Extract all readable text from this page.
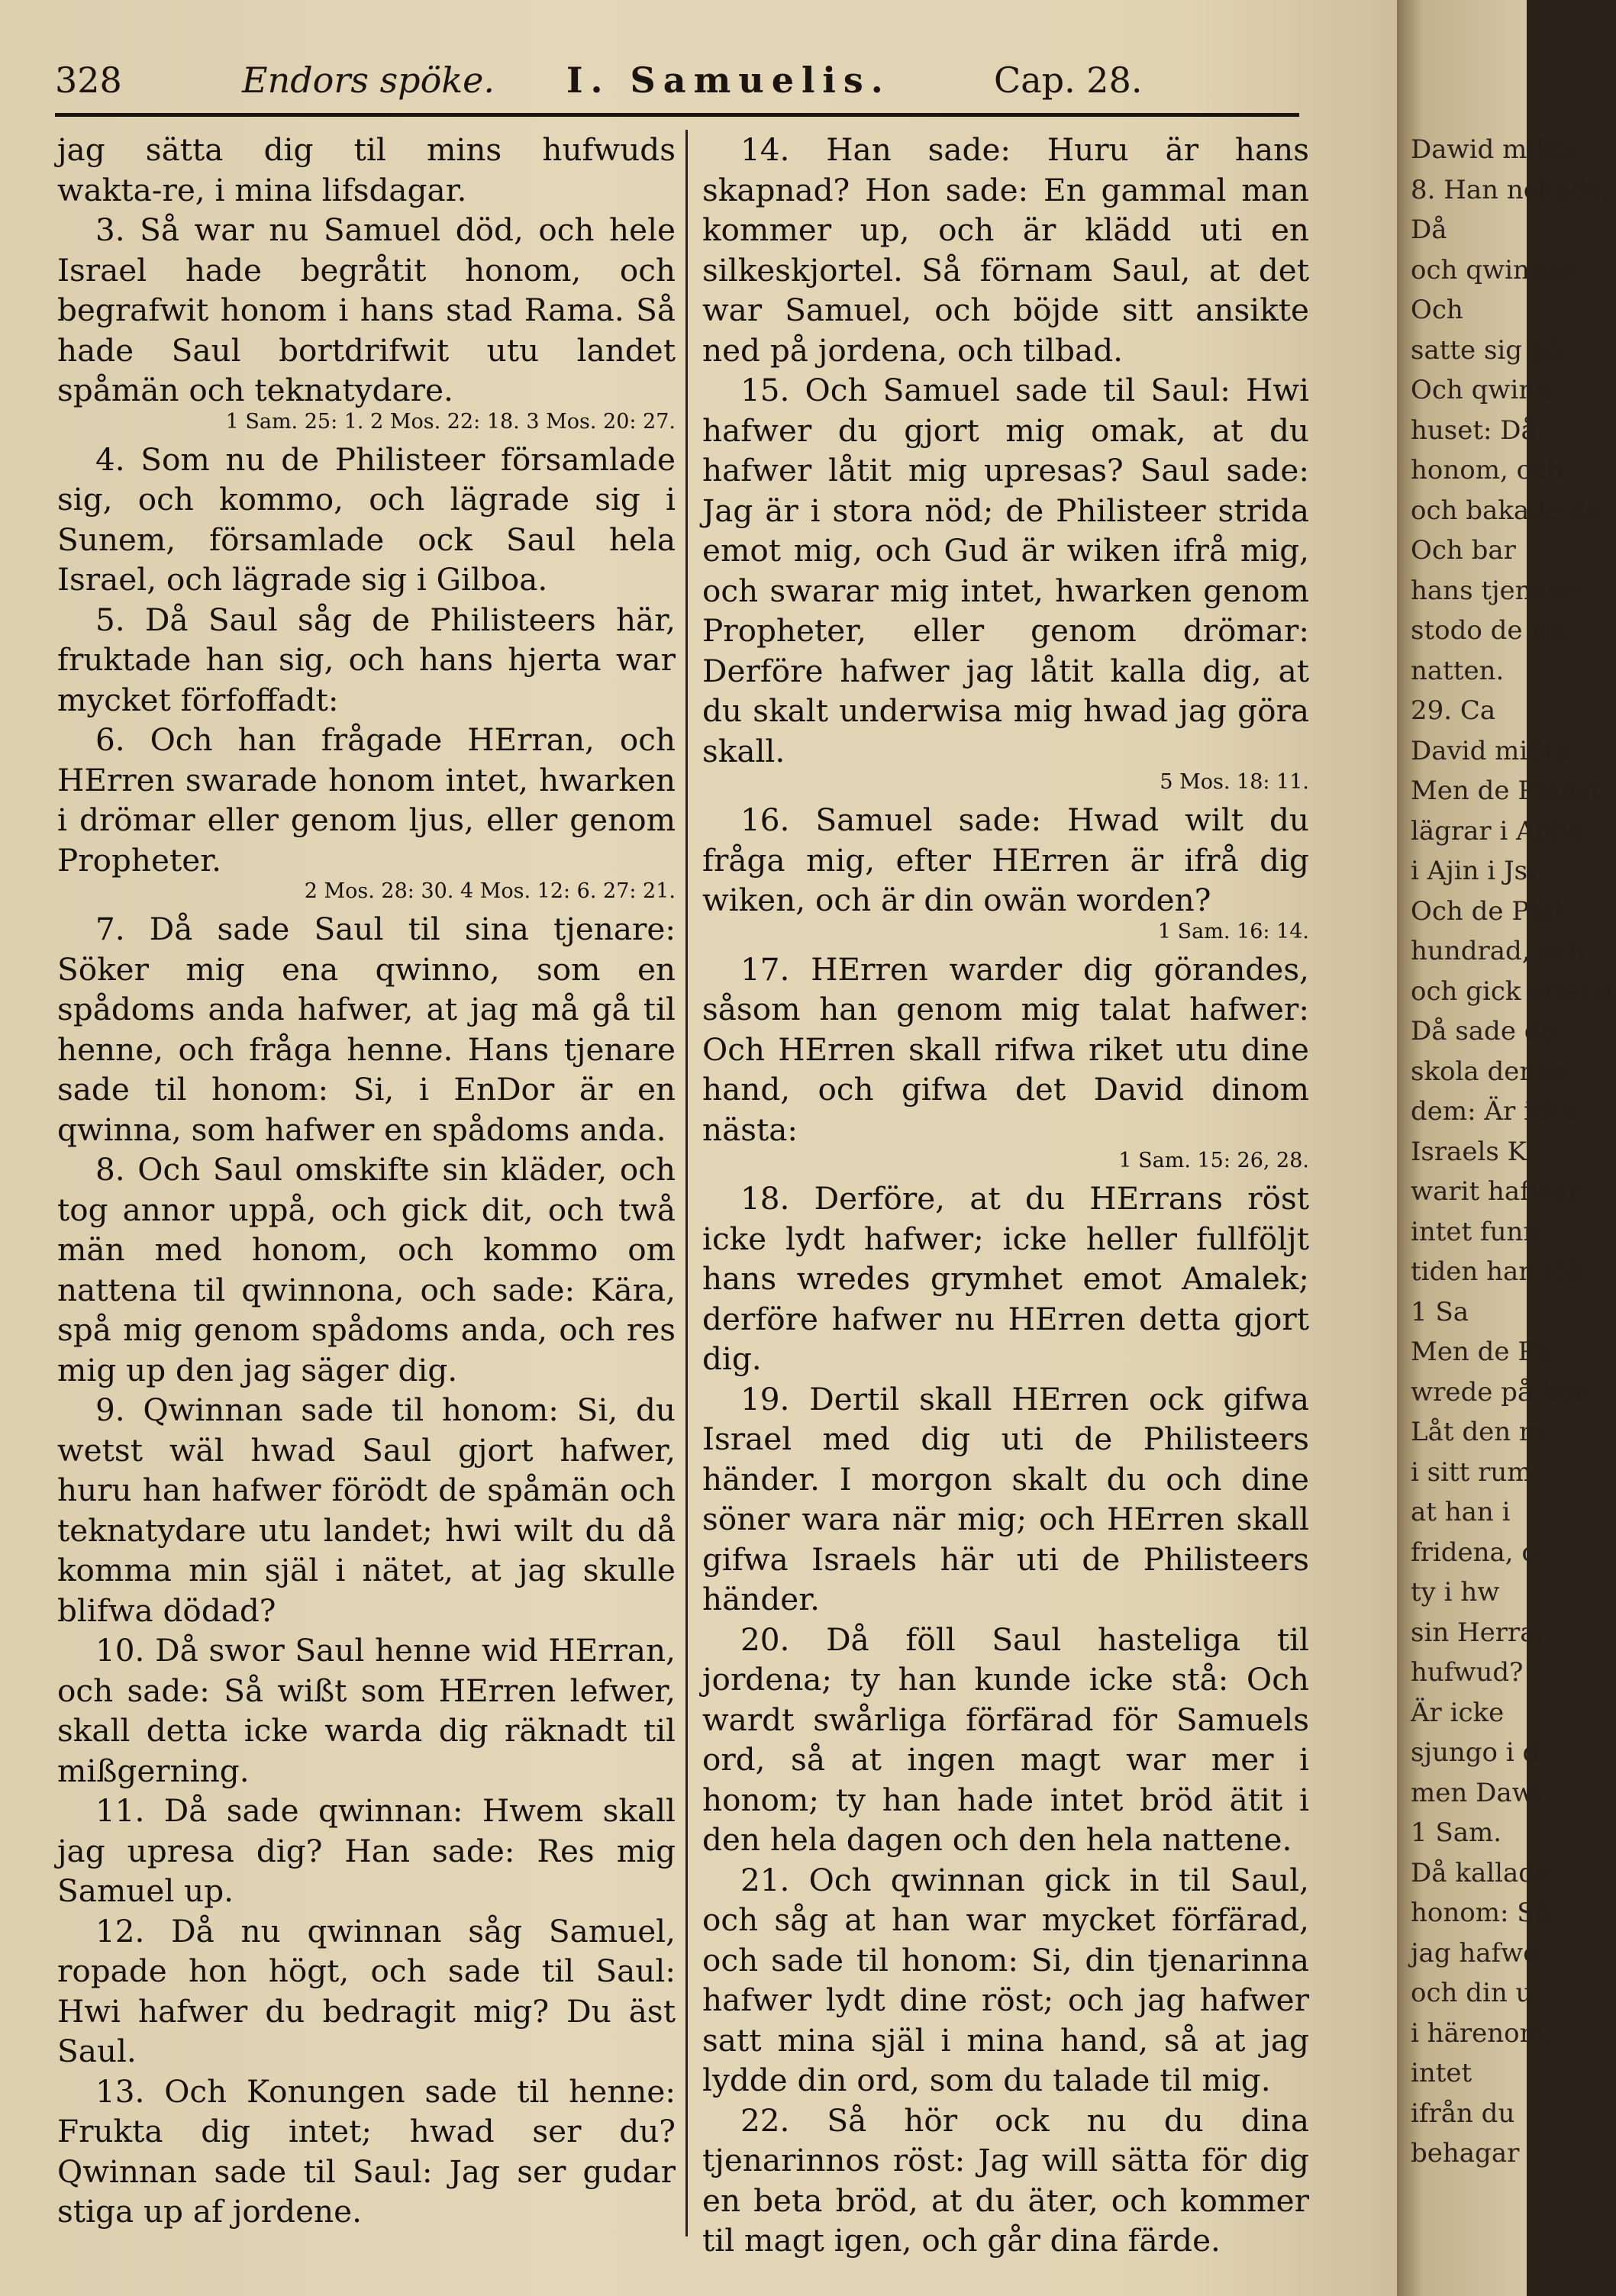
328	Endors spöke. I. Samuelis.	Cap. 28.

jag sätta dig til mins hufwuds wakta‑re, i mina lifsdagar.

3. Så war nu Samuel död, och hele Israel hade begråtit honom, och begrafwit honom i hans stad Rama. Så hade Saul bortdrifwit utu landet spåmän och teknatydare.
1 Sam. 25: 1. 2 Mos. 22: 18. 3 Mos. 20: 27.

4. Som nu de Philisteer församlade sig, och kommo, och lägrade sig i Sunem, församlade ock Saul hela Israel, och lägrade sig i Gilboa.

5. Då Saul såg de Philisteers här, fruktade han sig, och hans hjerta war mycket förfoffadt:

6. Och han frågade HErran, och HErren swarade honom intet, hwarken i drömar eller genom ljus, eller genom Propheter.
2 Mos. 28: 30. 4 Mos. 12: 6. 27: 21.

7. Då sade Saul til sina tjenare: Söker mig ena qwinno, som en spådoms anda hafwer, at jag må gå til henne, och fråga henne. Hans tjenare sade til honom: Si, i EnDor är en qwinna, som hafwer en spådoms anda.

8. Och Saul omskifte sin kläder, och tog annor uppå, och gick dit, och twå män med honom, och kommo om nattena til qwinnona, och sade: Kära, spå mig genom spådoms anda, och res mig up den jag säger dig.

9. Qwinnan sade til honom: Si, du wetst wäl hwad Saul gjort hafwer, huru han hafwer förödt de spåmän och teknatydare utu landet; hwi wilt du då komma min själ i nätet, at jag skulle blifwa dödad?

10. Då swor Saul henne wid HErran, och sade: Så wißt som HErren lefwer, skall detta icke warda dig räknadt til mißgerning.

11. Då sade qwinnan: Hwem skall jag upresa dig? Han sade: Res mig Samuel up.

12. Då nu qwinnan såg Samuel, ropade hon högt, och sade til Saul: Hwi hafwer du bedragit mig? Du äst Saul.

13. Och Konungen sade til henne: Frukta dig intet; hwad ser du? Qwinnan sade til Saul: Jag ser gudar stiga up af jordene.

14. Han sade: Huru är hans skapnad? Hon sade: En gammal man kommer up, och är klädd uti en silkeskjortel. Så förnam Saul, at det war Samuel, och böjde sitt ansikte ned på jordena, och tilbad.

15. Och Samuel sade til Saul: Hwi hafwer du gjort mig omak, at du hafwer låtit mig upresas? Saul sade: Jag är i stora nöd; de Philisteer strida emot mig, och Gud är wiken ifrå mig, och swarar mig intet, hwarken genom Propheter, eller genom drömar: Derföre hafwer jag låtit kalla dig, at du skalt underwisa mig hwad jag göra skall.
5 Mos. 18: 11.

16. Samuel sade: Hwad wilt du fråga mig, efter HErren är ifrå dig wiken, och är din owän worden?
1 Sam. 16: 14.

17. HErren warder dig görandes, såsom han genom mig talat hafwer: Och HErren skall rifwa riket utu dine hand, och gifwa det David dinom nästa:
1 Sam. 15: 26, 28.

18. Derföre, at du HErrans röst icke lydt hafwer; icke heller fullföljt hans wredes grymhet emot Amalek; derföre hafwer nu HErren detta gjort dig.

19. Dertil skall HErren ock gifwa Israel med dig uti de Philisteers händer. I morgon skalt du och dine söner wara när mig; och HErren skall gifwa Israels här uti de Philisteers händer.

20. Då föll Saul hasteliga til jordena; ty han kunde icke stå: Och wardt swårliga förfärad för Samuels ord, så at ingen magt war mer i honom; ty han hade intet bröd ätit i den hela dagen och den hela nattene.

21. Och qwinnan gick in til Saul, och såg at han war mycket förfärad, och sade til honom: Si, din tjenarinna hafwer lydt dine röst; och jag hafwer satt mina själ i mina hand, så at jag lydde din ord, som du talade til mig.

22. Så hör ock nu du dina tjenarinnos röst: Jag will sätta för dig en beta bröd, at du äter, och kommer til magt igen, och går dina färde.

Dawid mißta
8. Han nekade,
Då
och qwinnan
Och
satte sig på
Och qwinn
huset: Då
honom, och
och bakade de
Och bar
hans tjenare:
stodo de up,
natten.
29. Ca
David mißtä
Men de Philist
lägrar i Aphe
i Ajin i Jsr
Och de Phil
hundrad, och
och gick efterst
Då sade de
skola denne
dem: Är icke
Israels K
warit hafwer
intet funn
tiden han föll
1 Sa
Men de Ph
wrede på hon
Låt den m
i sitt rum
at han i
fridena, o
ty i hw
sin Herra,
hufwud?
Är icke
sjungo i d
men Dawi
1 Sam.
Då kallade
honom: Så
jag hafwe
och din u
i härenom,
intet
ifrån du
behagar
